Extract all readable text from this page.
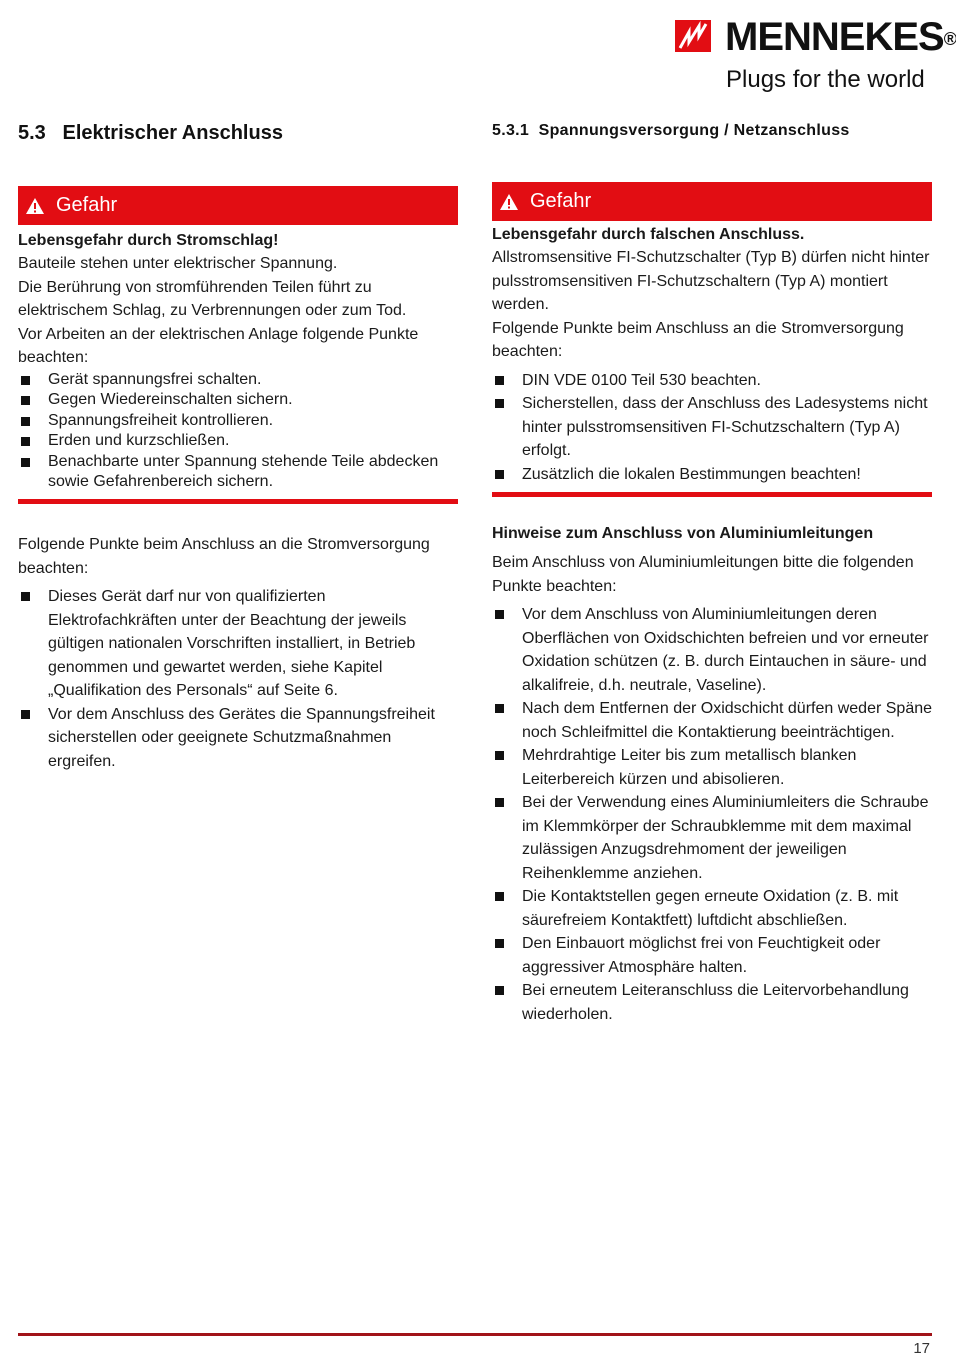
MENNEKES®
Plugs for the world
5.3 Elektrischer Anschluss
Gefahr
Lebensgefahr durch Stromschlag!

Bauteile stehen unter elektrischer Spannung.

Die Berührung von stromführenden Teilen führt zu elektrischem Schlag, zu Verbrennungen oder zum Tod.

Vor Arbeiten an der elektrischen Anlage folgende Punkte beachten:

Gerät spannungsfrei schalten.
Gegen Wiedereinschalten sichern.
Spannungsfreiheit kontrollieren.
Erden und kurzschließen.
Benachbarte unter Spannung stehende Teile abdecken sowie Gefahrenbereich sichern.

Folgende Punkte beim Anschluss an die Stromversorgung beachten:

Dieses Gerät darf nur von qualifizierten Elektrofachkräften unter der Beachtung der jeweils gültigen nationalen Vorschriften installiert, in Betrieb genommen und gewartet werden, siehe Kapitel „Qualifikation des Personals“ auf Seite 6.
Vor dem Anschluss des Gerätes die Spannungsfreiheit sicherstellen oder geeignete Schutzmaßnahmen ergreifen.
5.3.1 Spannungsversorgung / Netzanschluss
Gefahr
Lebensgefahr durch falschen Anschluss.

Allstromsensitive FI-Schutzschalter (Typ B) dürfen nicht hinter pulsstromsensitiven FI-Schutzschaltern (Typ A) montiert werden.

Folgende Punkte beim Anschluss an die Stromversorgung beachten:

DIN VDE 0100 Teil 530 beachten.
Sicherstellen, dass der Anschluss des Ladesystems nicht hinter pulsstromsensitiven FI-Schutzschaltern (Typ A) erfolgt.
Zusätzlich die lokalen Bestimmungen beachten!
Hinweise zum Anschluss von Aluminiumleitungen

Beim Anschluss von Aluminiumleitungen bitte die folgenden Punkte beachten:

Vor dem Anschluss von Aluminiumleitungen deren Oberflächen von Oxidschichten befreien und vor erneuter Oxidation schützen (z. B. durch Eintauchen in säure- und alkalifreie, d.h. neutrale, Vaseline).
Nach dem Entfernen der Oxidschicht dürfen weder Späne noch Schleifmittel die Kontaktierung beeinträchtigen.
Mehrdrahtige Leiter bis zum metallisch blanken Leiterbereich kürzen und abisolieren.
Bei der Verwendung eines Aluminiumleiters die Schraube im Klemmkörper der Schraubklemme mit dem maximal zulässigen Anzugsdrehmoment der jeweiligen Reihenklemme anziehen.
Die Kontaktstellen gegen erneute Oxidation (z. B. mit säurefreiem Kontaktfett) luftdicht abschließen.
Den Einbauort möglichst frei von Feuchtigkeit oder aggressiver Atmosphäre halten.
Bei erneutem Leiteranschluss die Leitervorbehandlung wiederholen.
17
